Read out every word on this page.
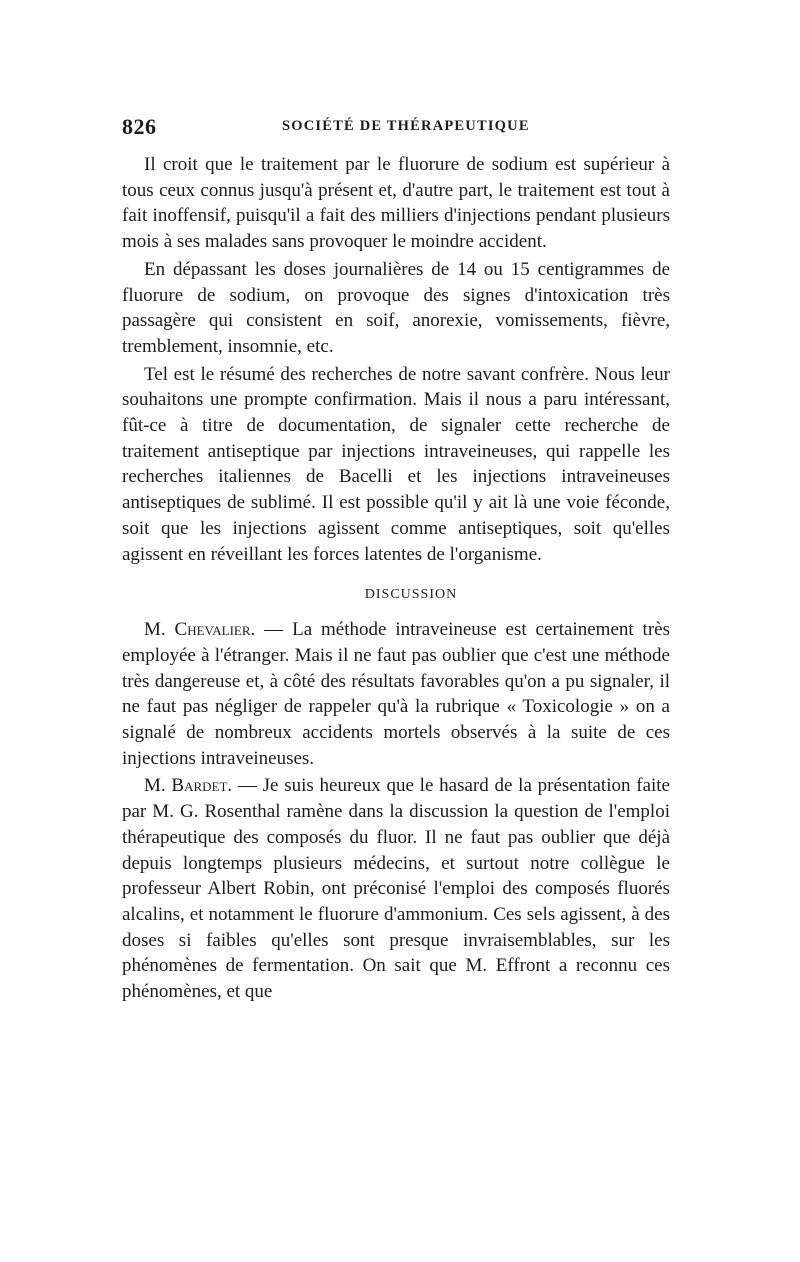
826	SOCIÉTÉ DE THÉRAPEUTIQUE

Il croit que le traitement par le fluorure de sodium est supérieur à tous ceux connus jusqu'à présent et, d'autre part, le traitement est tout à fait inoffensif, puisqu'il a fait des milliers d'injections pendant plusieurs mois à ses malades sans provoquer le moindre accident.

En dépassant les doses journalières de 14 ou 15 centigrammes de fluorure de sodium, on provoque des signes d'intoxication très passagère qui consistent en soif, anorexie, vomissements, fièvre, tremblement, insomnie, etc.

Tel est le résumé des recherches de notre savant confrère. Nous leur souhaitons une prompte confirmation. Mais il nous a paru intéressant, fût-ce à titre de documentation, de signaler cette recherche de traitement antiseptique par injections intraveineuses, qui rappelle les recherches italiennes de Bacelli et les injections intraveineuses antiseptiques de sublimé. Il est possible qu'il y ait là une voie féconde, soit que les injections agissent comme antiseptiques, soit qu'elles agissent en réveillant les forces latentes de l'organisme.

DISCUSSION

M. Chevalier. — La méthode intraveineuse est certainement très employée à l'étranger. Mais il ne faut pas oublier que c'est une méthode très dangereuse et, à côté des résultats favorables qu'on a pu signaler, il ne faut pas négliger de rappeler qu'à la rubrique « Toxicologie » on a signalé de nombreux accidents mortels observés à la suite de ces injections intraveineuses.

M. Bardet. — Je suis heureux que le hasard de la présentation faite par M. G. Rosenthal ramène dans la discussion la question de l'emploi thérapeutique des composés du fluor. Il ne faut pas oublier que déjà depuis longtemps plusieurs médecins, et surtout notre collègue le professeur Albert Robin, ont préconisé l'emploi des composés fluorés alcalins, et notamment le fluorure d'ammonium. Ces sels agissent, à des doses si faibles qu'elles sont presque invraisemblables, sur les phénomènes de fermentation. On sait que M. Effront a reconnu ces phénomènes, et que
